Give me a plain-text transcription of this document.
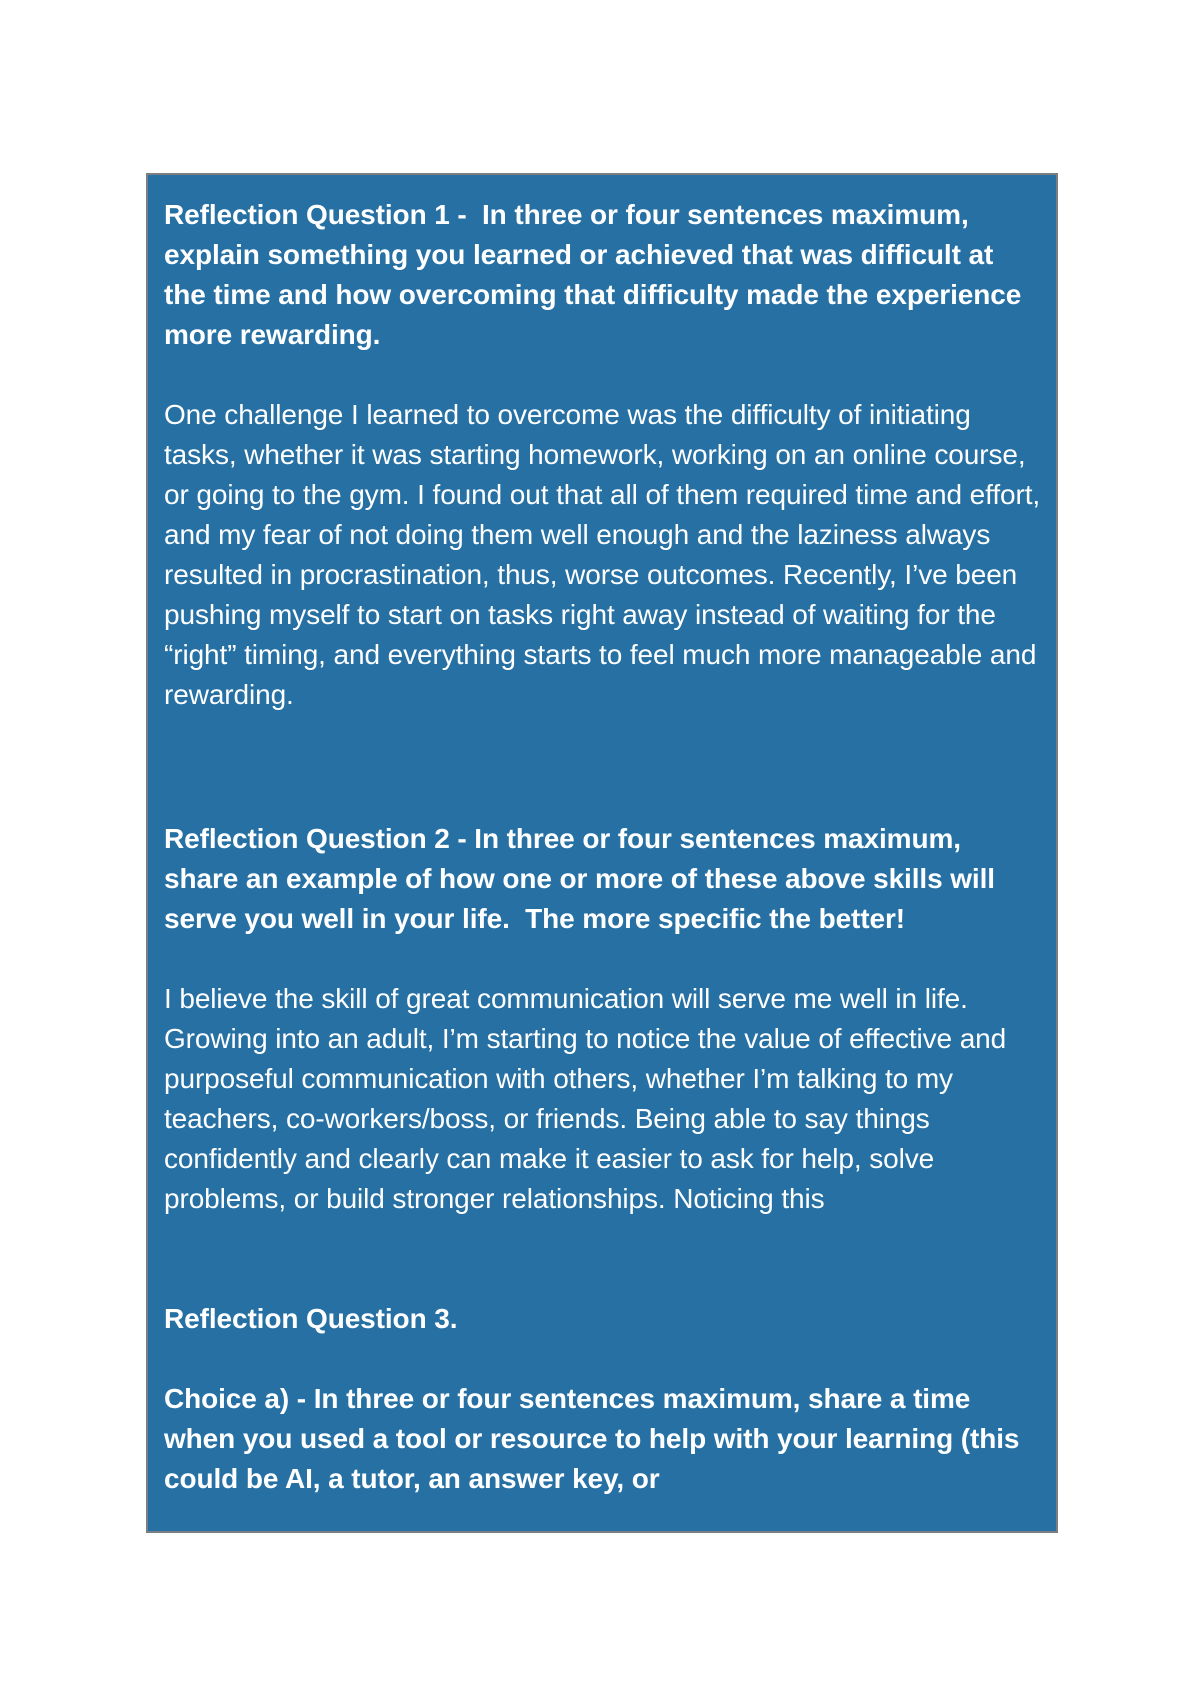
Reflection Question 1 -  In three or four sentences maximum, explain something you learned or achieved that was difficult at the time and how overcoming that difficulty made the experience more rewarding.

One challenge I learned to overcome was the difficulty of initiating tasks, whether it was starting homework, working on an online course, or going to the gym. I found out that all of them required time and effort, and my fear of not doing them well enough and the laziness always resulted in procrastination, thus, worse outcomes. Recently, I’ve been pushing myself to start on tasks right away instead of waiting for the “right” timing, and everything starts to feel much more manageable and rewarding.

Reflection Question 2 - In three or four sentences maximum, share an example of how one or more of these above skills will serve you well in your life.  The more specific the better!

I believe the skill of great communication will serve me well in life. Growing into an adult, I’m starting to notice the value of effective and purposeful communication with others, whether I’m talking to my teachers, co-workers/boss, or friends. Being able to say things confidently and clearly can make it easier to ask for help, solve problems, or build stronger relationships. Noticing this

Reflection Question 3.

Choice a) - In three or four sentences maximum, share a time when you used a tool or resource to help with your learning (this could be AI, a tutor, an answer key, or
